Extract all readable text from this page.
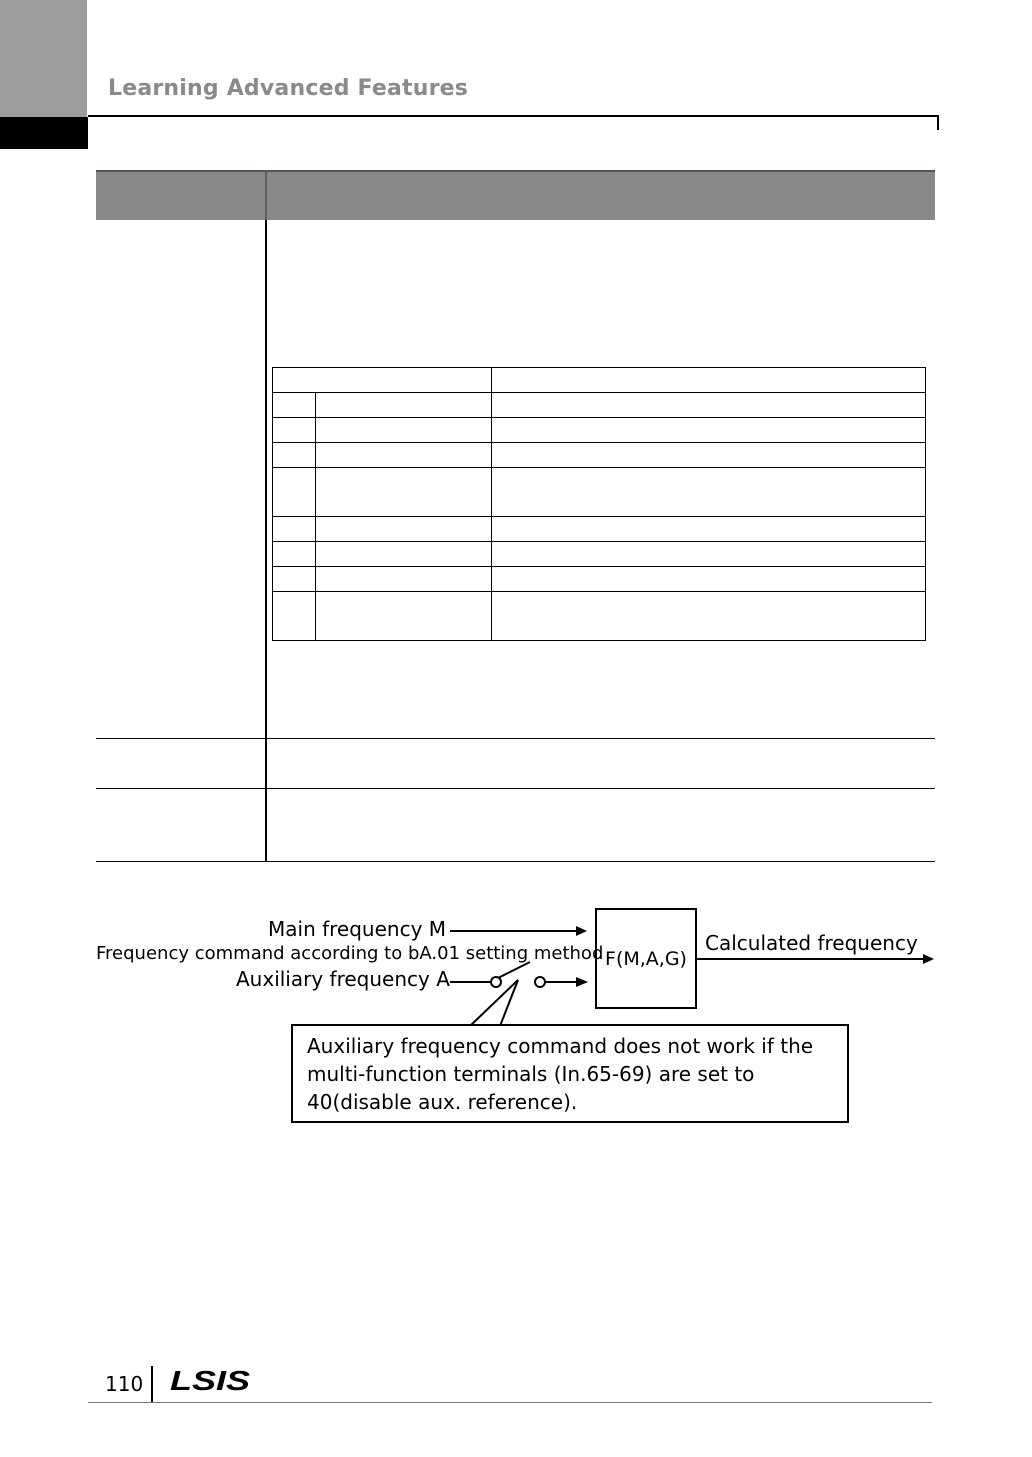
Learning Advanced Features
Main frequency M
Frequency command according to bA.01 setting method
Auxiliary frequency A
F(M,A,G)
Calculated frequency
Auxiliary frequency command does not work if the
multi-function terminals (In.65-69) are set to
40(disable aux. reference).
110 LSIS
